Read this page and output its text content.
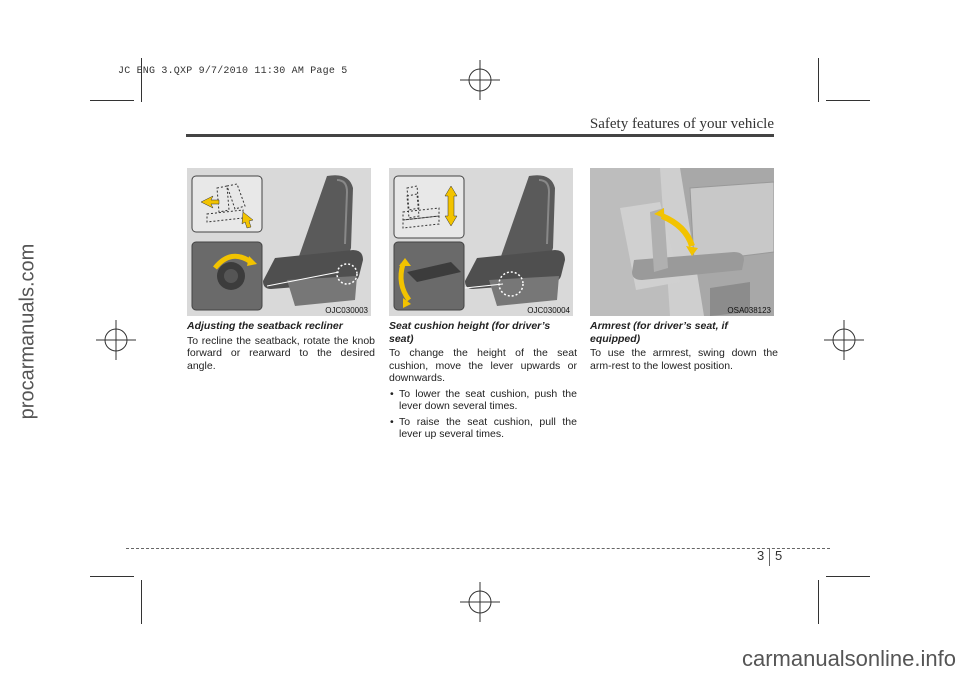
JC ENG 3.QXP 9/7/2010 11:30 AM Page 5
procarmanuals.com
Safety features of your vehicle
OJC030003	OJC030004	OSA038123
Adjusting the seatback recliner

To recline the seatback, rotate the knob forward or rearward to the desired angle.

Seat cushion height (for driver’s seat)

To change the height of the seat cushion, move the lever upwards or downwards.

• To lower the seat cushion, push the lever down several times.
• To raise the seat cushion, pull the lever up several times.
Armrest (for driver’s seat, if equipped)

To use the armrest, swing down the arm-rest to the lowest position.

3 5
carmanualsonline.info
